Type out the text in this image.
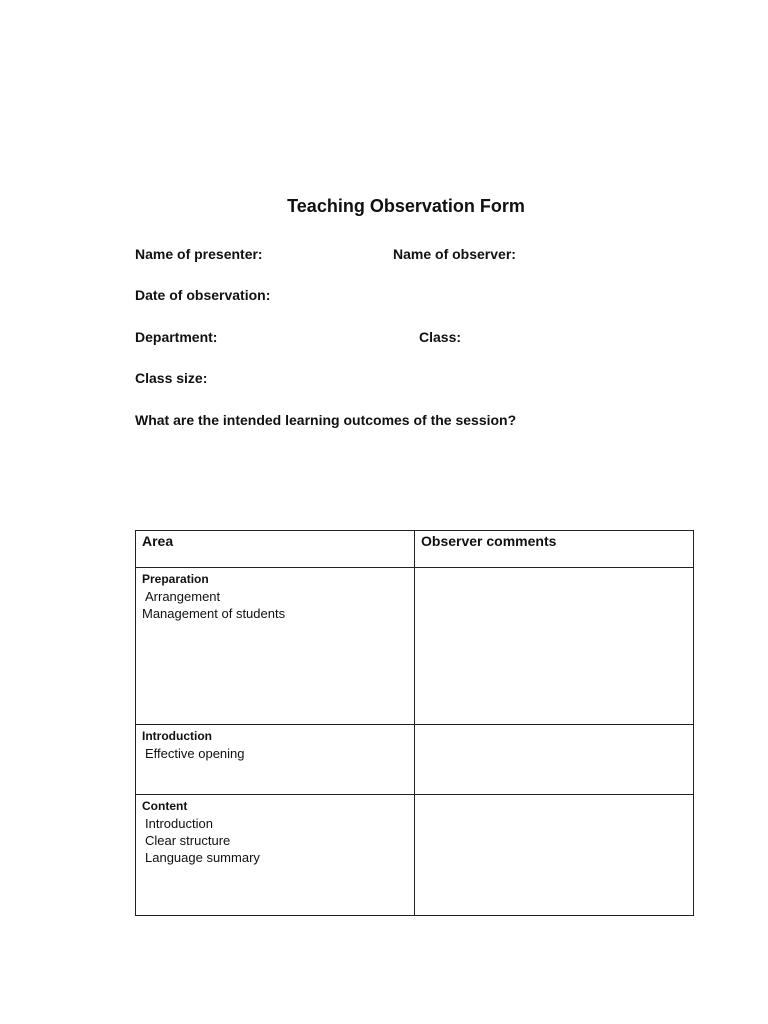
Teaching Observation Form
Name of presenter:	Name of observer:
Date of observation:
Department:	Class:
Class size:
What are the intended learning outcomes of the session?
Area	Observer comments

Preparation
Arrangement
Management of students	

Introduction
Effective opening	

Content
Introduction
Clear structure
Language summary	
